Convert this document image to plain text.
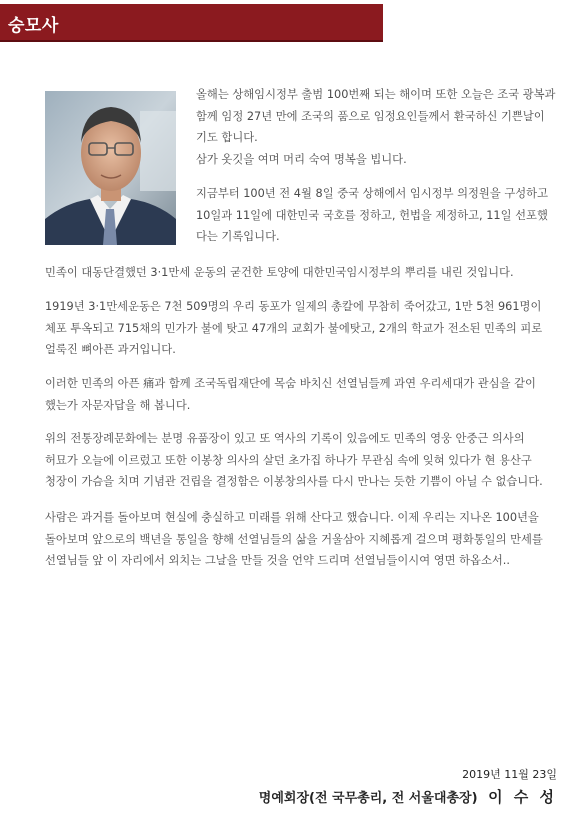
숭모사
올해는 상해임시정부 출범 100번째 되는 해이며 또한 오늘은 조국 광복과
함께 임정 27년 만에 조국의 품으로 임정요인들께서 환국하신 기쁜날이
기도 합니다.
삼가 옷깃을 여며 머리 숙여 명복을 빕니다.
지금부터 100년 전 4월 8일 중국 상해에서 임시정부 의정원을 구성하고
10일과 11일에 대한민국 국호를 정하고, 헌법을 제정하고, 11일 선포했
다는 기록입니다.
민족이 대동단결했던 3·1만세 운동의 굳건한 토양에 대한민국임시정부의 뿌리를 내린 것입니다.
1919년 3·1만세운동은 7천 509명의 우리 동포가 일제의 총칼에 무참히 죽어갔고, 1만 5천 961명이
체포 투옥되고 715채의 민가가 불에 탓고 47개의 교회가 불에탓고, 2개의 학교가 전소된 민족의 피로
얼룩진 뼈아픈 과거입니다.
이러한 민족의 아픈 痛과 함께 조국독립재단에 목숨 바치신 선열님들께 과연 우리세대가 관심을 같이
했는가 자문자답을 해 봅니다.
위의 전통장례문화에는 분명 유품장이 있고 또 역사의 기록이 있음에도 민족의 영웅 안중근 의사의
허묘가 오늘에 이르렀고 또한 이봉창 의사의 살던 초가집 하나가 무관심 속에 잊혀 있다가 현 용산구
청장이 가슴을 치며 기념관 건립을 결정함은 이봉창의사를 다시 만나는 듯한 기쁨이 아닐 수 없습니다.
사람은 과거를 돌아보며 현실에 충실하고 미래를 위해 산다고 했습니다. 이제 우리는 지나온 100년을
돌아보며 앞으로의 백년을 통일을 향해 선열님들의 삶을 거울삼아 지혜롭게 걸으며 평화통일의 만세를
선열님들 앞 이 자리에서 외치는 그날을 만들 것을 언약 드리며 선열님들이시여 영면 하옵소서..
2019년 11월 23일
명예회장(전 국무총리, 전 서울대총장) 이 수 성
